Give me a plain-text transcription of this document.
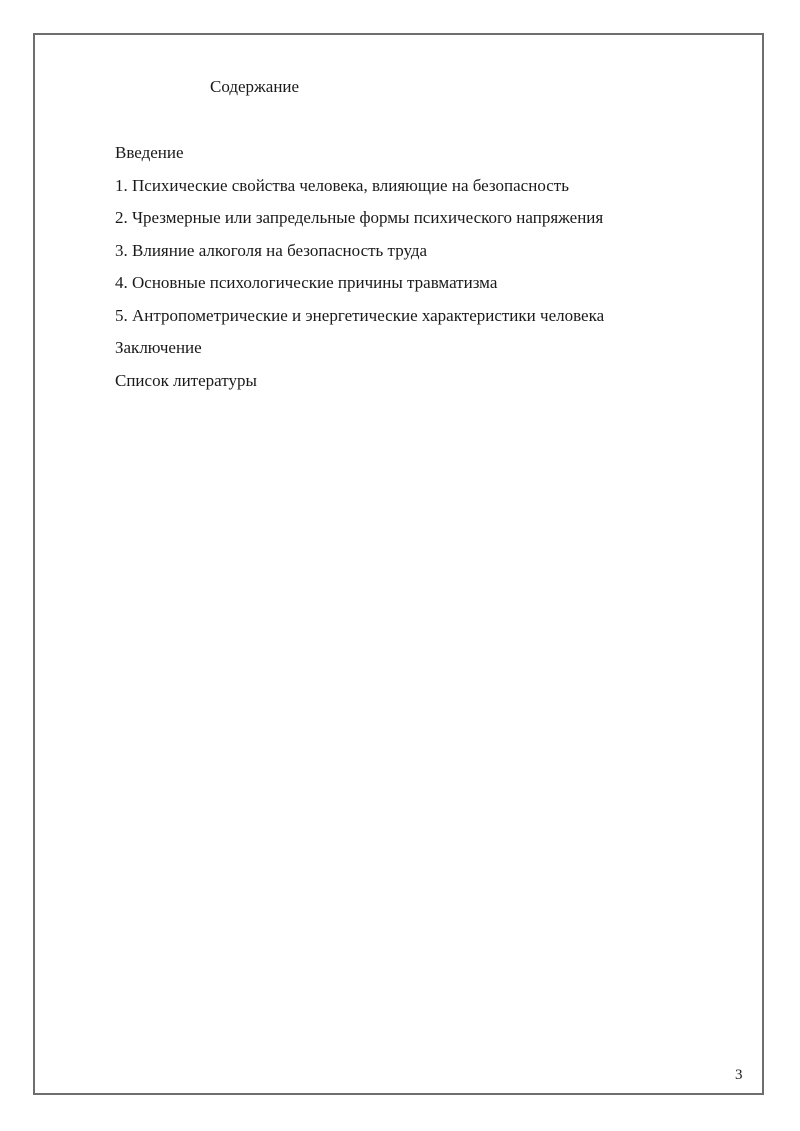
Содержание
Введение
1. Психические свойства человека, влияющие на безопасность
2. Чрезмерные или запредельные формы психического напряжения
3. Влияние алкоголя на безопасность труда
4. Основные психологические причины травматизма
5. Антропометрические и энергетические характеристики человека
Заключение
Список литературы
3
